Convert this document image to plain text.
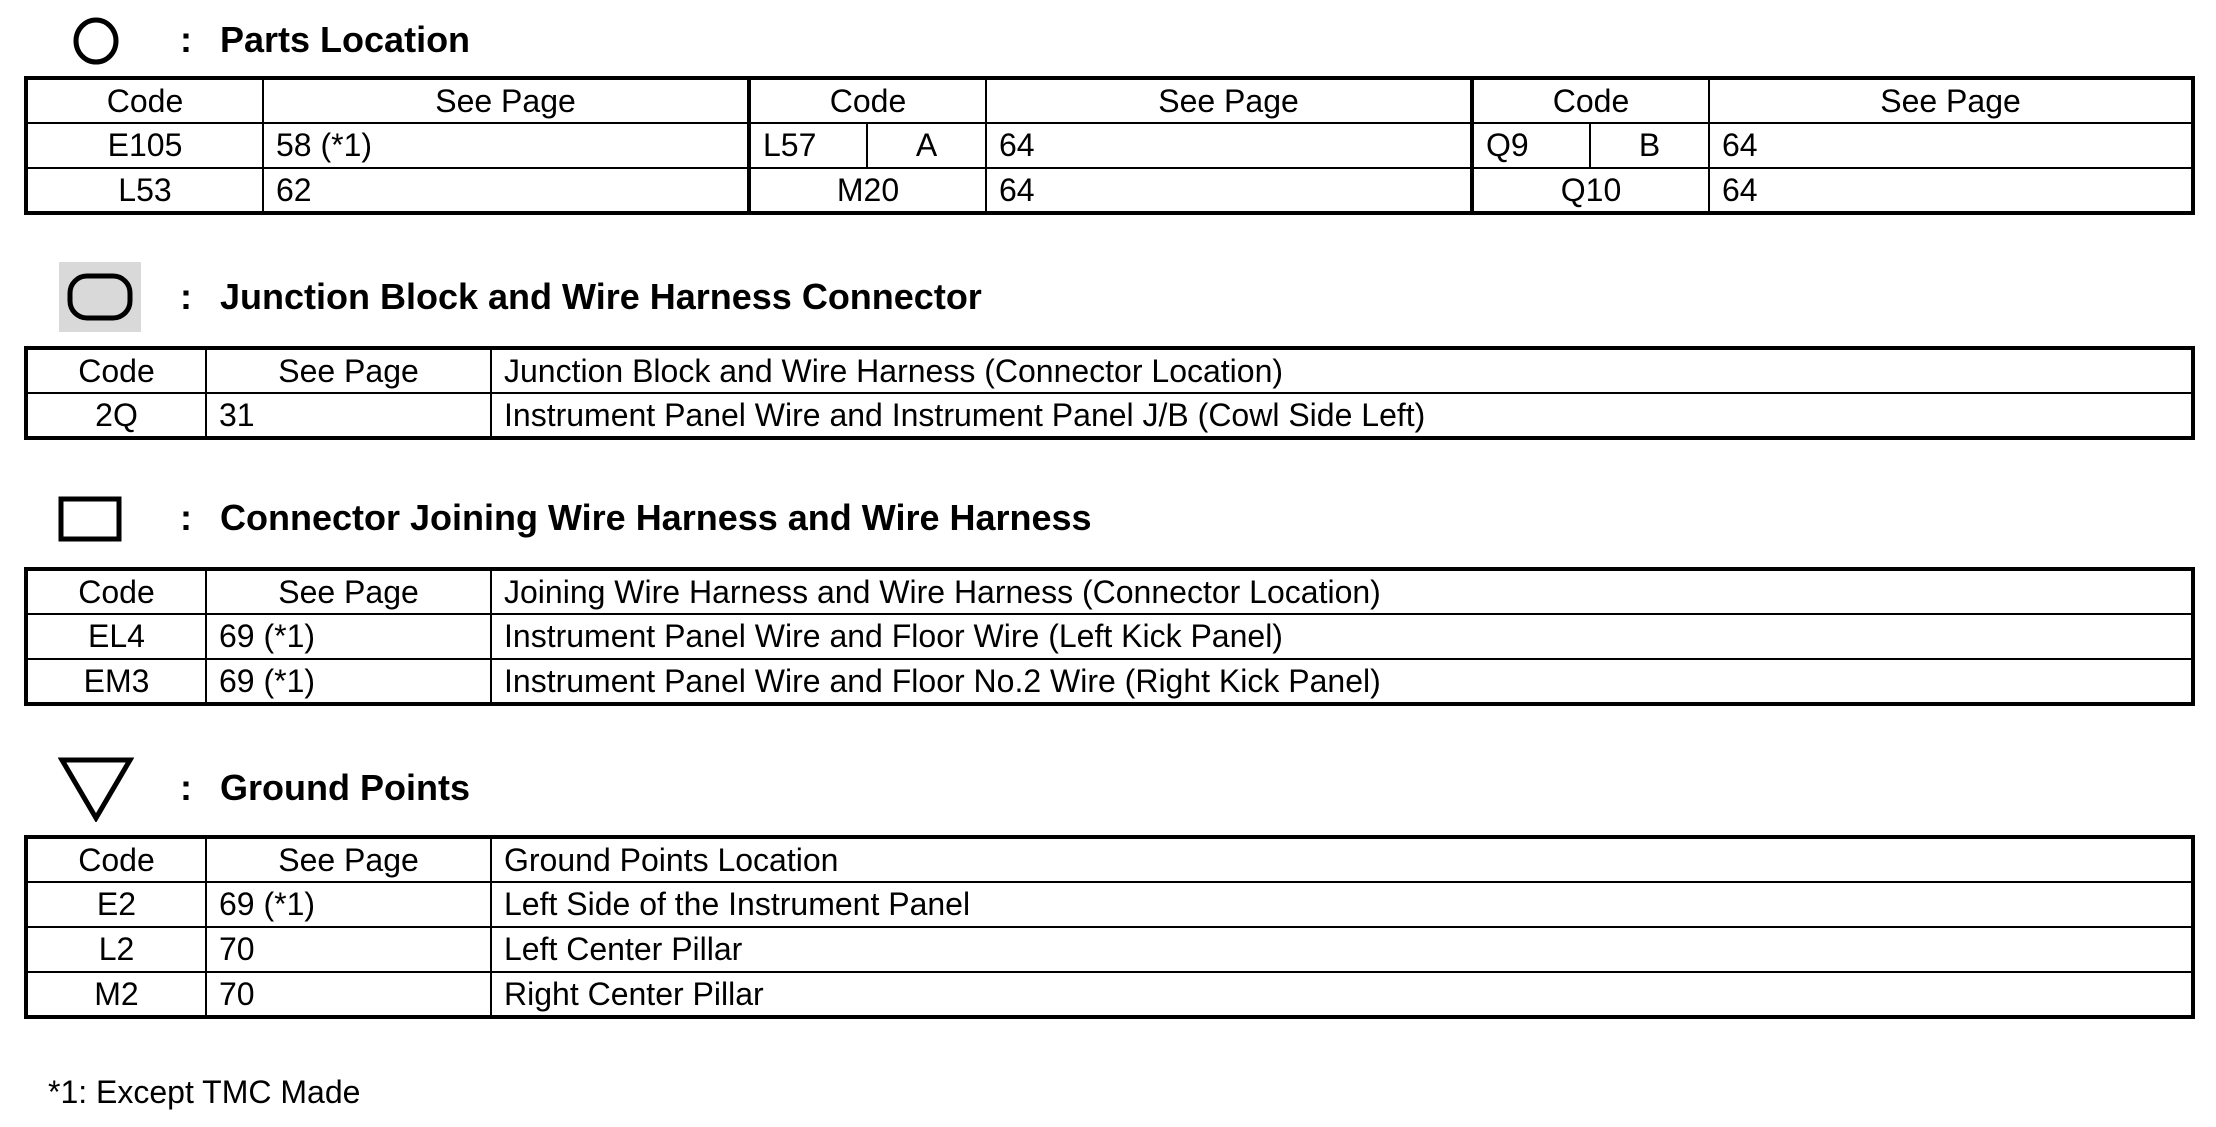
: Parts Location
Code	See Page	Code		See Page	Code		See Page
E105	58 (*1)	L57	A	64	Q9	B	64
L53	62	M20		64	Q10		64
: Junction Block and Wire Harness Connector
Code	See Page	Junction Block and Wire Harness (Connector Location)
2Q	31	Instrument Panel Wire and Instrument Panel J/B (Cowl Side Left)
: Connector Joining Wire Harness and Wire Harness
Code	See Page	Joining Wire Harness and Wire Harness (Connector Location)
EL4	69 (*1)	Instrument Panel Wire and Floor Wire (Left Kick Panel)
EM3	69 (*1)	Instrument Panel Wire and Floor No.2 Wire (Right Kick Panel)
: Ground Points
Code	See Page	Ground Points Location
E2	69 (*1)	Left Side of the Instrument Panel
L2	70	Left Center Pillar
M2	70	Right Center Pillar
*1: Except TMC Made
